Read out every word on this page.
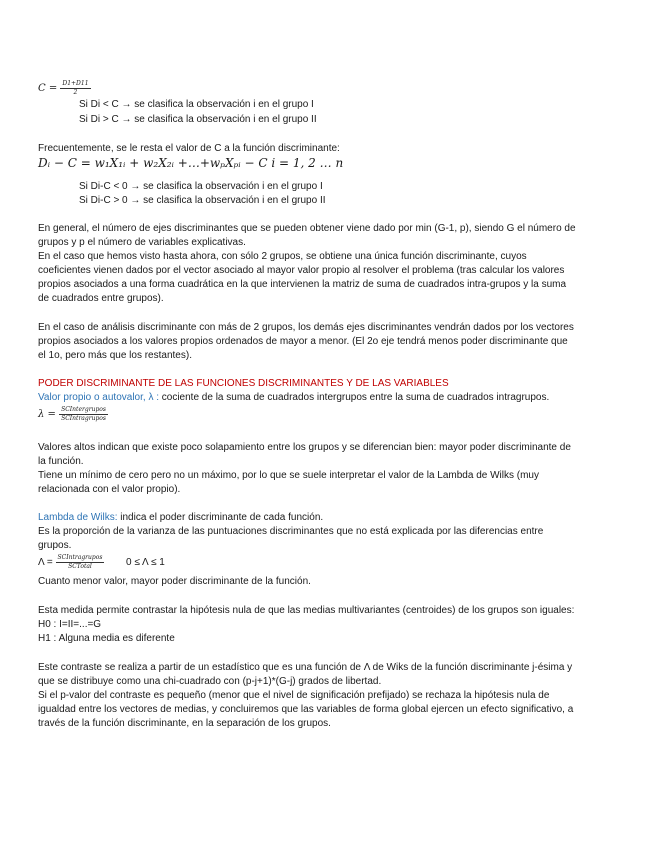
$C = \frac{D1+D11}{2}$
Si Di < C → se clasifica la observación i en el grupo I
Si Di > C → se clasifica la observación i en el grupo II
Frecuentemente, se le resta el valor de C a la función discriminante:
Dᵢ − C = w₁X₁ᵢ + w₂X₂ᵢ +…+wₚXₚᵢ − C i = 1, 2 … n
Si Di-C < 0 → se clasifica la observación i en el grupo I
Si Di-C > 0 → se clasifica la observación i en el grupo II
En general, el número de ejes discriminantes que se pueden obtener viene dado por min (G-1, p), siendo G el número de
grupos y p el número de variables explicativas.
En el caso que hemos visto hasta ahora, con sólo 2 grupos, se obtiene una única función discriminante, cuyos
coeficientes vienen dados por el vector asociado al mayor valor propio al resolver el problema (tras calcular los valores
propios asociados a una forma cuadrática en la que intervienen la matriz de suma de cuadrados intra-grupos y la suma
de cuadrados entre grupos).
En el caso de análisis discriminante con más de 2 grupos, los demás ejes discriminantes vendrán dados por los vectores
propios asociados a los valores propios ordenados de mayor a menor. (El 2o eje tendrá menos poder discriminante que
el 1o, pero más que los restantes).
PODER DISCRIMINANTE DE LAS FUNCIONES DISCRIMINANTES Y DE LAS VARIABLES
Valor propio o autovalor, λ : cociente de la suma de cuadrados intergrupos entre la suma de cuadrados intragrupos.
$\lambda = \frac{\text{SCIntergrupos}}{\text{SCIntragrupos}}$
Valores altos indican que existe poco solapamiento entre los grupos y se diferencian bien: mayor poder discriminante de
la función.
Tiene un mínimo de cero pero no un máximo, por lo que se suele interpretar el valor de la Lambda de Wilks (muy
relacionada con el valor propio).
Lambda de Wilks: indica el poder discriminante de cada función.
Es la proporción de la varianza de las puntuaciones discriminantes que no está explicada por las diferencias entre
grupos.
$\Lambda = \frac{\text{SCIntragrupos}}{\text{SCTotal}} 0 \le \Lambda \le 1$
Cuanto menor valor, mayor poder discriminante de la función.
Esta medida permite contrastar la hipótesis nula de que las medias multivariantes (centroides) de los grupos son iguales:
H0 : I=II=...=G
H1 : Alguna media es diferente
Este contraste se realiza a partir de un estadístico que es una función de Λ de Wiks de la función discriminante j-ésima y
que se distribuye como una chi-cuadrado con (p-j+1)*(G-j) grados de libertad.
Si el p-valor del contraste es pequeño (menor que el nivel de significación prefijado) se rechaza la hipótesis nula de
igualdad entre los vectores de medias, y concluiremos que las variables de forma global ejercen un efecto significativo, a
través de la función discriminante, en la separación de los grupos.
